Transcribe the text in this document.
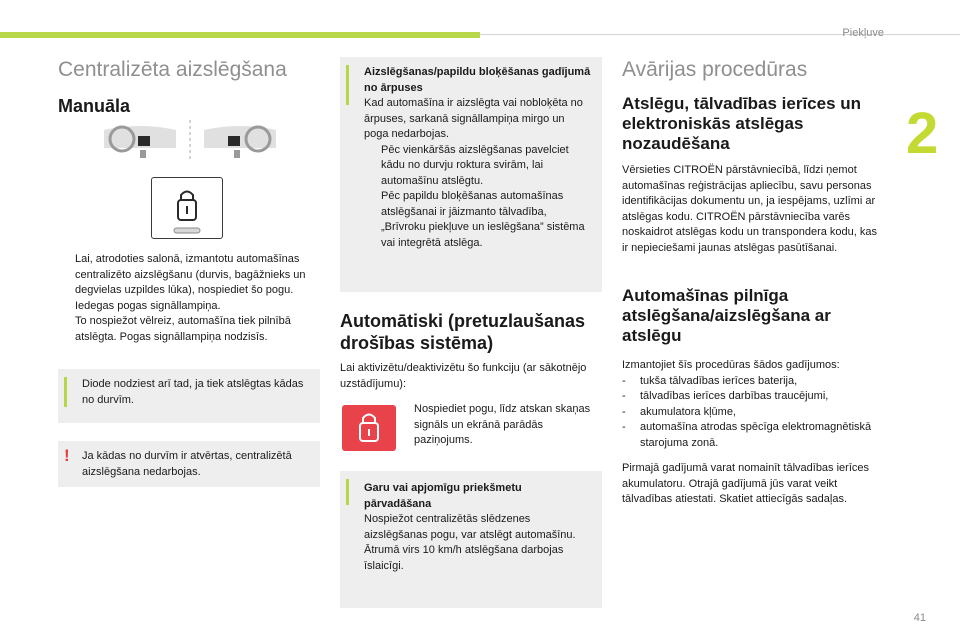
Piekļuve
2
41
Centralizēta aizslēgšana
Manuāla
Lai, atrodoties salonā, izmantotu automašīnas centralizēto aizslēgšanu (durvis, bagāžnieks un degvielas uzpildes lūka), nospiediet šo pogu. Iedegas pogas signāllampiņa.
To nospiežot vēlreiz, automašīna tiek pilnībā atslēgta. Pogas signāllampiņa nodzisīs.
Diode nodziest arī tad, ja tiek atslēgtas kādas no durvīm.
! Ja kādas no durvīm ir atvērtas, centralizētā aizslēgšana nedarbojas.
Aizslēgšanas/papildu bloķēšanas gadījumā no ārpuses
Kad automašīna ir aizslēgta vai nobloķēta no ārpuses, sarkanā signāllampiņa mirgo un poga nedarbojas.
Pēc vienkāršās aizslēgšanas pavelciet kādu no durvju roktura svirām, lai automašīnu atslēgtu.
Pēc papildu bloķēšanas automašīnas atslēgšanai ir jāizmanto tālvadība, „Brīvroku piekļuve un ieslēgšana” sistēma vai integrētā atslēga.
Automātiski (pretuzlaušanas drošības sistēma)
Lai aktivizētu/deaktivizētu šo funkciju (ar sākotnējo uzstādījumu):
Nospiediet pogu, līdz atskan skaņas signāls un ekrānā parādās paziņojums.
Garu vai apjomīgu priekšmetu pārvadāšana
Nospiežot centralizētās slēdzenes aizslēgšanas pogu, var atslēgt automašīnu. Ātrumā virs 10 km/h atslēgšana darbojas īslaicīgi.
Avārijas procedūras
Atslēgu, tālvadības ierīces un elektroniskās atslēgas nozaudēšana
Vērsieties CITROËN pārstāvniecībā, līdzi ņemot automašīnas reģistrācijas apliecību, savu personas identifikācijas dokumentu un, ja iespējams, uzlīmi ar atslēgas kodu. CITROËN pārstāvniecība varēs noskaidrot atslēgas kodu un transpondera kodu, kas ir nepieciešami jaunas atslēgas pasūtīšanai.
Automašīnas pilnīga atslēgšana/aizslēgšana ar atslēgu
Izmantojiet šīs procedūras šādos gadījumos:
- tukša tālvadības ierīces baterija,
- tālvadības ierīces darbības traucējumi,
- akumulatora kļūme,
- automašīna atrodas spēcīga elektromagnētiskā starojuma zonā.
Pirmajā gadījumā varat nomainīt tālvadības ierīces akumulatoru. Otrajā gadījumā jūs varat veikt tālvadības atiestati. Skatiet attiecīgās sadaļas.
